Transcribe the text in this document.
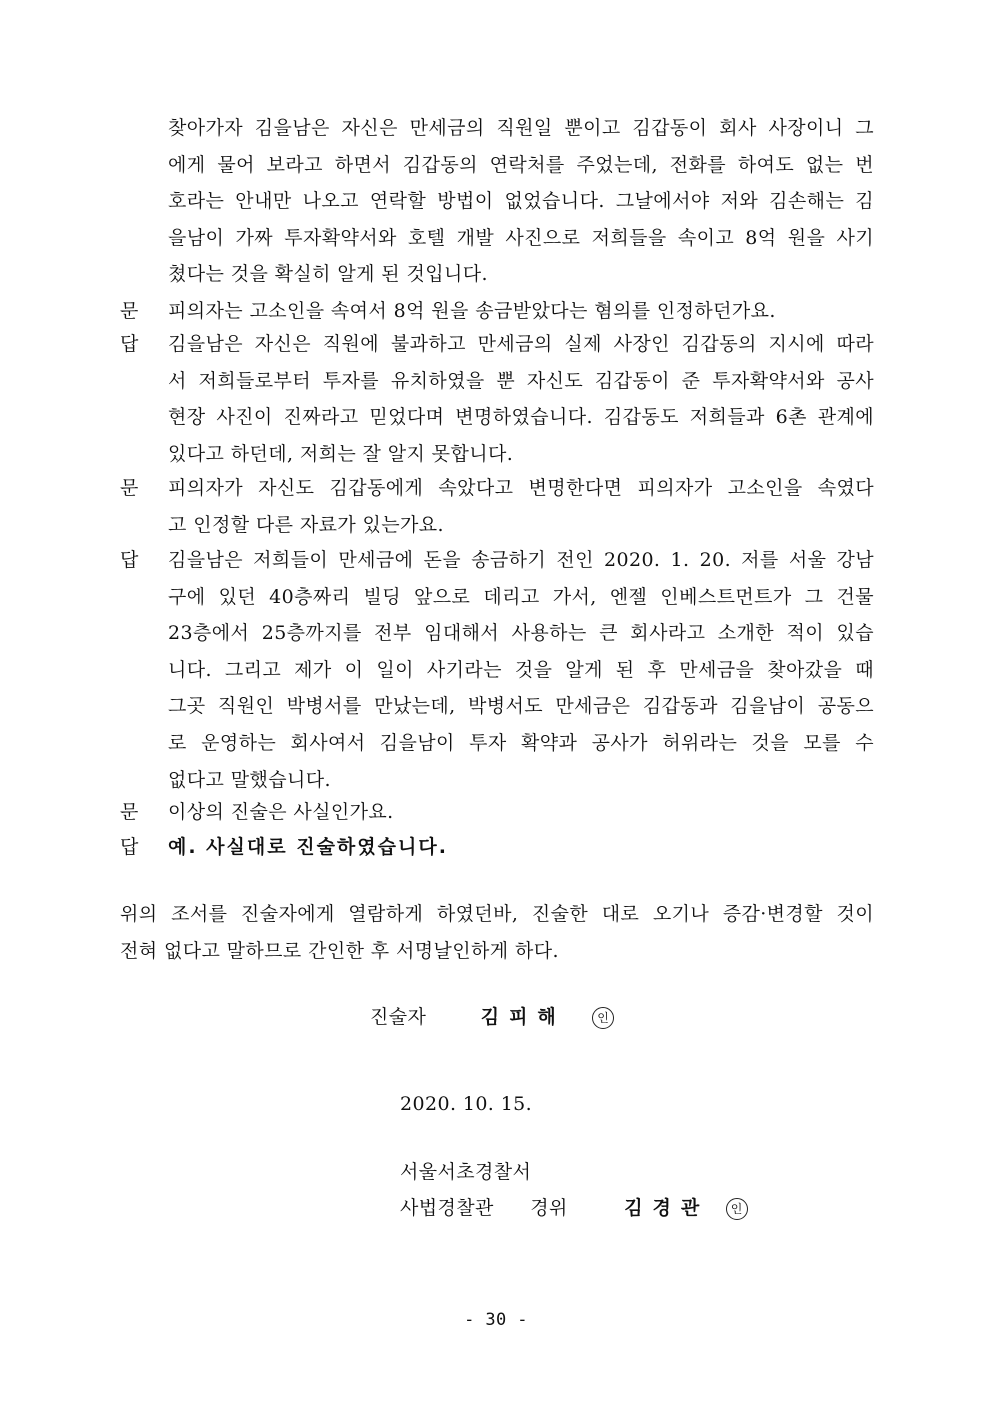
찾아가자 김을남은 자신은 만세금의 직원일 뿐이고 김갑동이 회사 사장이니 그
에게 물어 보라고 하면서 김갑동의 연락처를 주었는데, 전화를 하여도 없는 번
호라는 안내만 나오고 연락할 방법이 없었습니다. 그날에서야 저와 김손해는 김
을남이 가짜 투자확약서와 호텔 개발 사진으로 저희들을 속이고 8억 원을 사기
쳤다는 것을 확실히 알게 된 것입니다.
문	피의자는 고소인을 속여서 8억 원을 송금받았다는 혐의를 인정하던가요.
답	김을남은 자신은 직원에 불과하고 만세금의 실제 사장인 김갑동의 지시에 따라
서 저희들로부터 투자를 유치하였을 뿐 자신도 김갑동이 준 투자확약서와 공사
현장 사진이 진짜라고 믿었다며 변명하였습니다. 김갑동도 저희들과 6촌 관계에
있다고 하던데, 저희는 잘 알지 못합니다.
문	피의자가 자신도 김갑동에게 속았다고 변명한다면 피의자가 고소인을 속였다
고 인정할 다른 자료가 있는가요.
답	김을남은 저희들이 만세금에 돈을 송금하기 전인 2020. 1. 20. 저를 서울 강남
구에 있던 40층짜리 빌딩 앞으로 데리고 가서, 엔젤 인베스트먼트가 그 건물
23층에서 25층까지를 전부 임대해서 사용하는 큰 회사라고 소개한 적이 있습
니다. 그리고 제가 이 일이 사기라는 것을 알게 된 후 만세금을 찾아갔을 때
그곳 직원인 박병서를 만났는데, 박병서도 만세금은 김갑동과 김을남이 공동으
로 운영하는 회사여서 김을남이 투자 확약과 공사가 허위라는 것을 모를 수
없다고 말했습니다.
문	이상의 진술은 사실인가요.
답	예. 사실대로 진술하였습니다.
위의 조서를 진술자에게 열람하게 하였던바, 진술한 대로 오기나 증감·변경할 것이
전혀 없다고 말하므로 간인한 후 서명날인하게 하다.
진술자	김피해	인
2020. 10. 15.
서울서초경찰서
사법경찰관 경위	김경관 인
- 30 -
